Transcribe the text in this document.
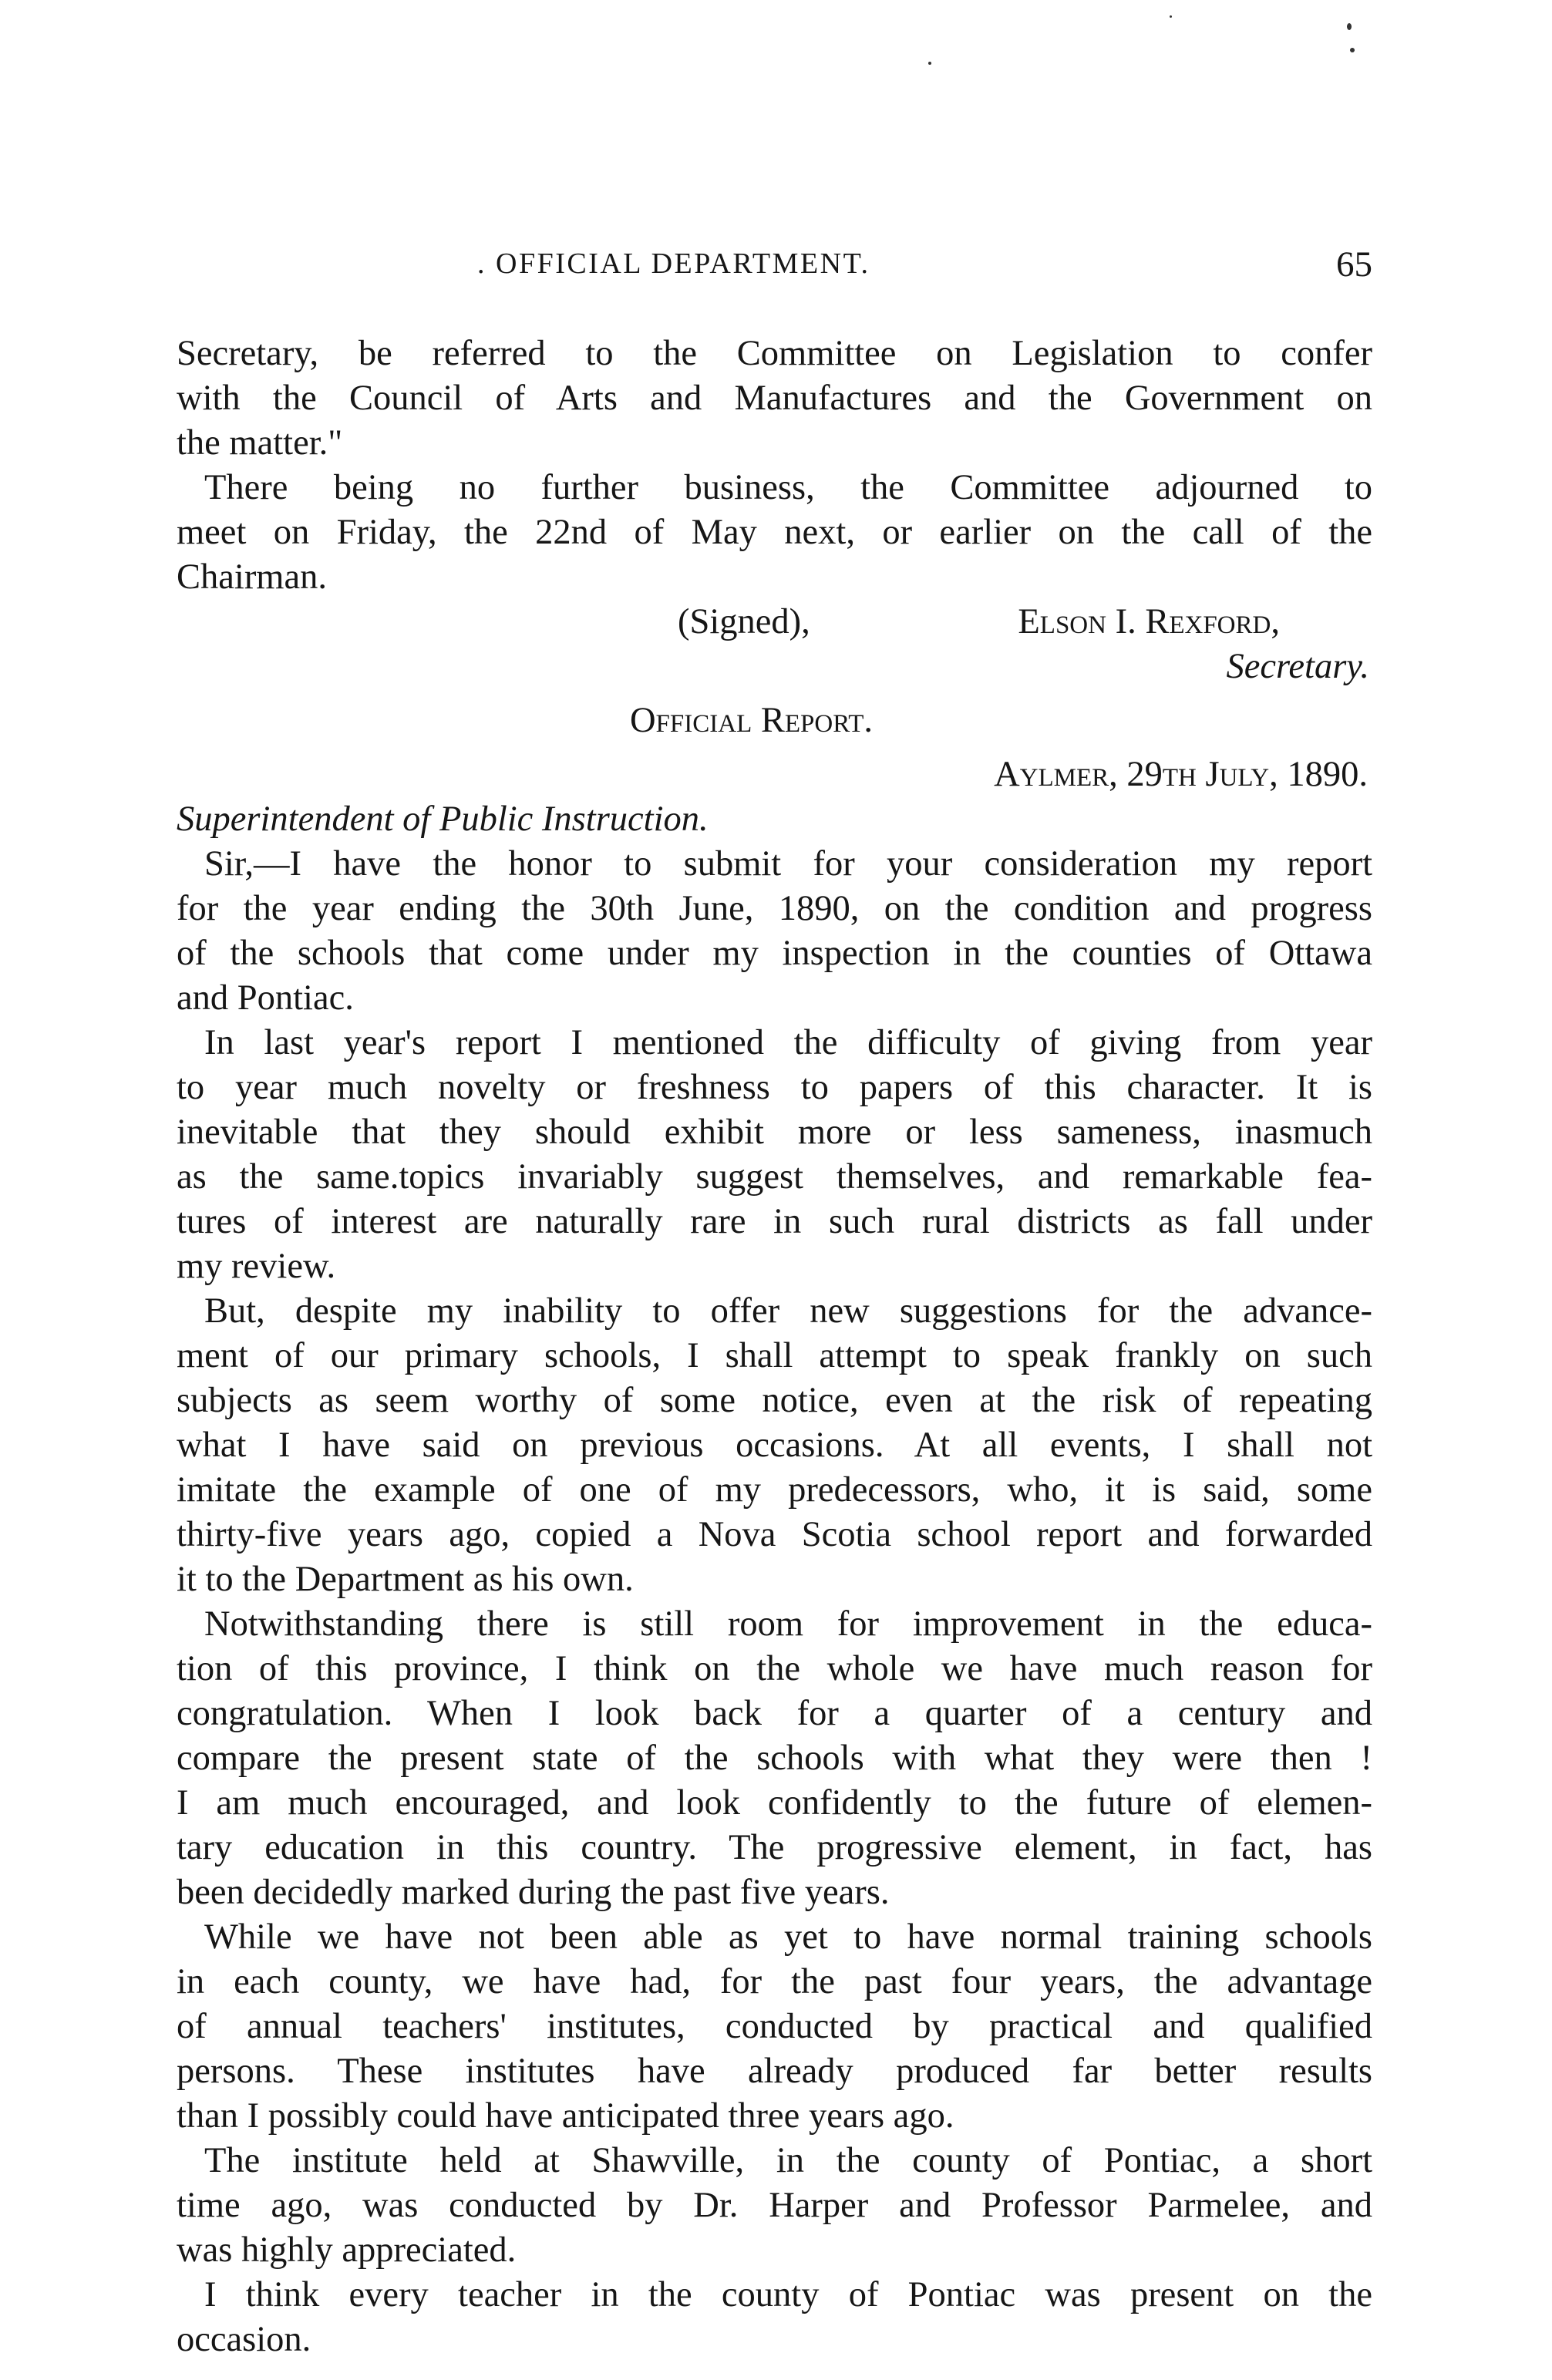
. OFFICIAL DEPARTMENT.	65
Secretary, be referred to the Committee on Legislation to confer
with the Council of Arts and Manufactures and the Government on
the matter."
There being no further business, the Committee adjourned to
meet on Friday, the 22nd of May next, or earlier on the call of the
Chairman.
(Signed),	Elson I. Rexford,
Secretary.
Official Report.
Aylmer, 29th July, 1890.
Superintendent of Public Instruction.
Sir,—I have the honor to submit for your consideration my report
for the year ending the 30th June, 1890, on the condition and progress
of the schools that come under my inspection in the counties of Ottawa
and Pontiac.
In last year's report I mentioned the difficulty of giving from year
to year much novelty or freshness to papers of this character. It is
inevitable that they should exhibit more or less sameness, inasmuch
as the same.topics invariably suggest themselves, and remarkable fea-
tures of interest are naturally rare in such rural districts as fall under
my review.
But, despite my inability to offer new suggestions for the advance-
ment of our primary schools, I shall attempt to speak frankly on such
subjects as seem worthy of some notice, even at the risk of repeating
what I have said on previous occasions. At all events, I shall not
imitate the example of one of my predecessors, who, it is said, some
thirty-five years ago, copied a Nova Scotia school report and forwarded
it to the Department as his own.
Notwithstanding there is still room for improvement in the educa-
tion of this province, I think on the whole we have much reason for
congratulation. When I look back for a quarter of a century and
compare the present state of the schools with what they were then !
I am much encouraged, and look confidently to the future of elemen-
tary education in this country. The progressive element, in fact, has
been decidedly marked during the past five years.
While we have not been able as yet to have normal training schools
in each county, we have had, for the past four years, the advantage
of annual teachers' institutes, conducted by practical and qualified
persons. These institutes have already produced far better results
than I possibly could have anticipated three years ago.
The institute held at Shawville, in the county of Pontiac, a short
time ago, was conducted by Dr. Harper and Professor Parmelee, and
was highly appreciated.
I think every teacher in the county of Pontiac was present on the
occasion.
